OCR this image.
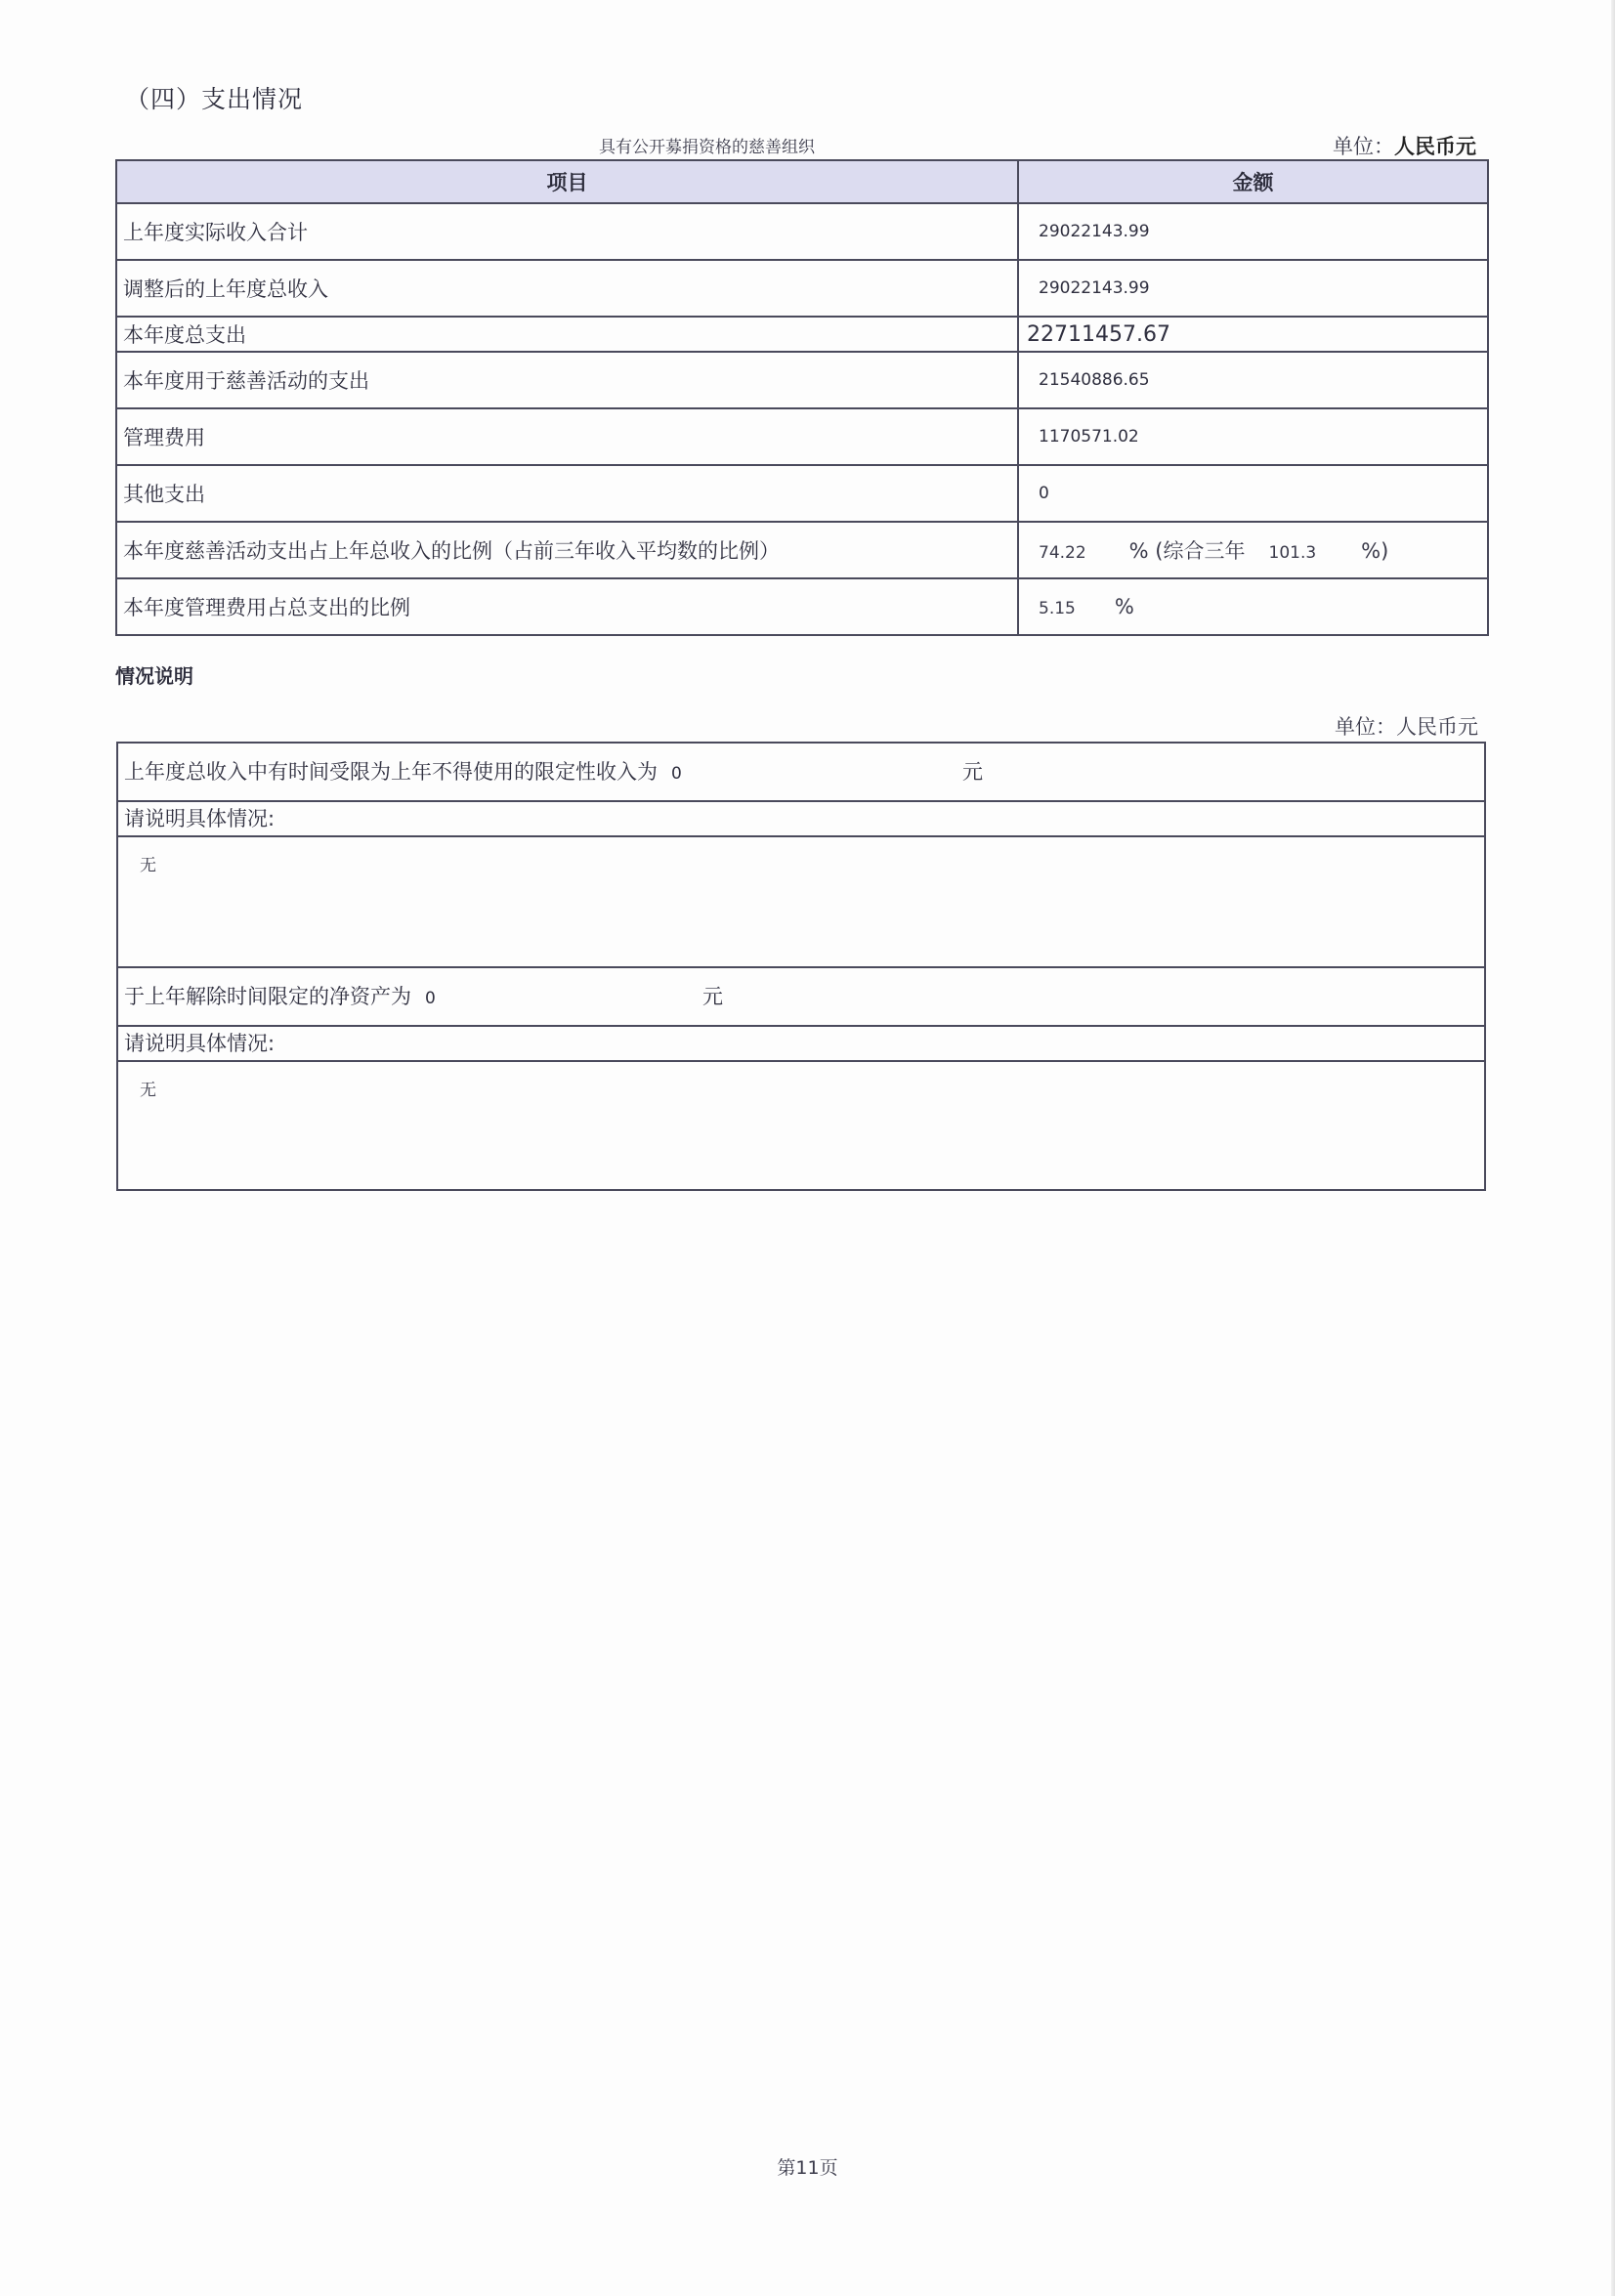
（四）支出情况
具有公开募捐资格的慈善组织	单位：人民币元
项目	金额
上年度实际收入合计	29022143.99
调整后的上年度总收入	29022143.99
本年度总支出	22711457.67
本年度用于慈善活动的支出	21540886.65
管理费用	1170571.02
其他支出	0
本年度慈善活动支出占上年总收入的比例（占前三年收入平均数的比例）	74.22 % (综合三年 101.3 %)
本年度管理费用占总支出的比例	5.15 %
情况说明
单位：人民币元
上年度总收入中有时间受限为上年不得使用的限定性收入为 0	元
请说明具体情况:
无
于上年解除时间限定的净资产为 0	元
请说明具体情况:
无
第11页
